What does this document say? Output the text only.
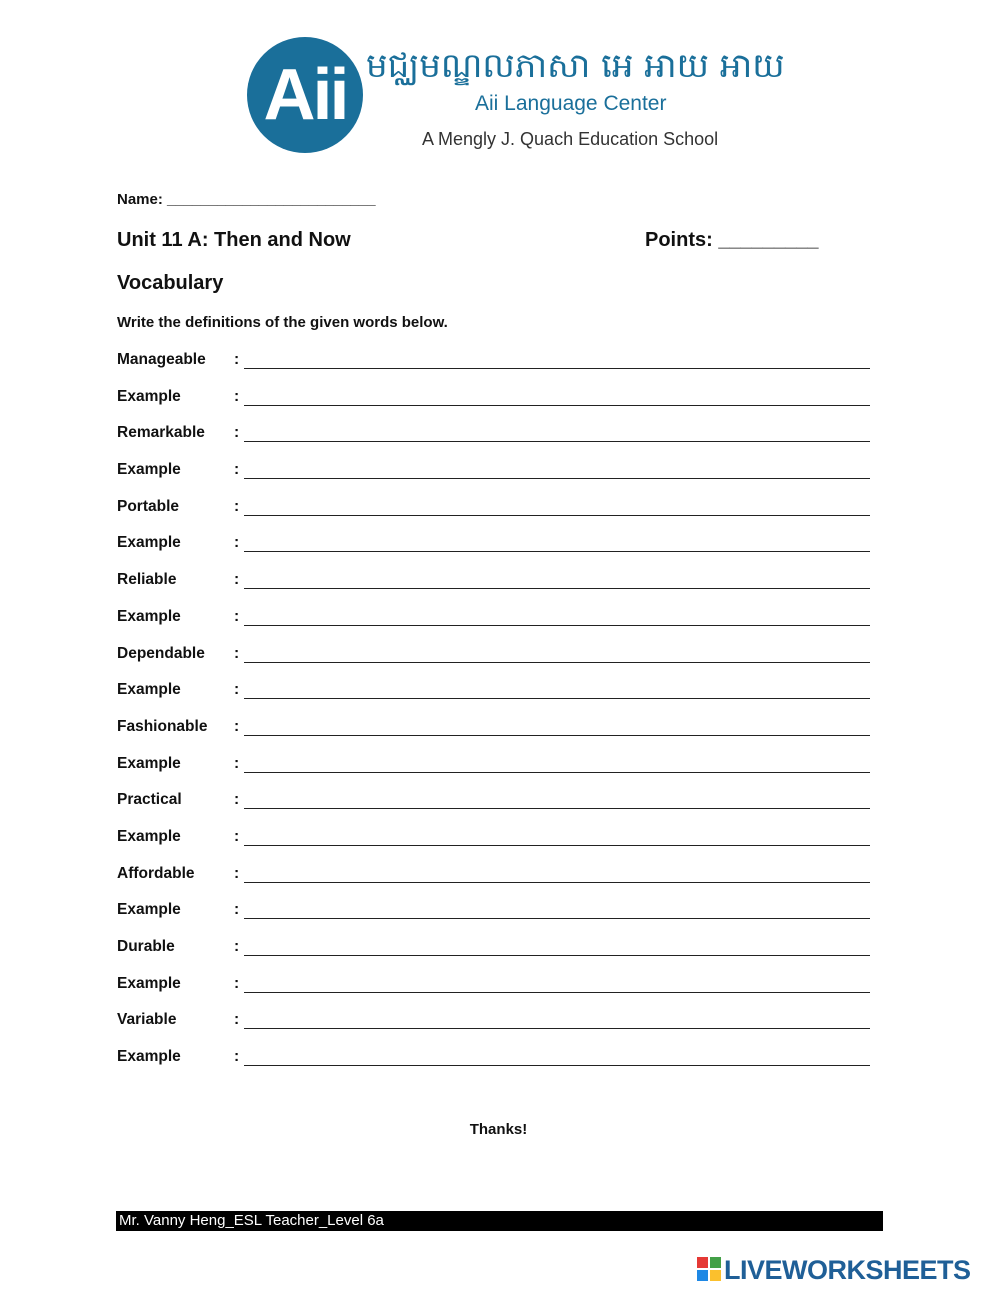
Aii មជ្ឈមណ្ឌលភាសា អេ អាយ អាយ
Aii Language Center
A Mengly J. Quach Education School
Name: _________________________
Unit 11 A: Then and Now	Points: _________
Vocabulary
Write the definitions of the given words below.
Manageable :
Example	:
Remarkable :
Example	:
Portable	:
Example	:
Reliable	:
Example	:
Dependable :
Example	:
Fashionable :
Example	:
Practical	:
Example	:
Affordable	:
Example	:
Durable	:
Example	:
Variable	:
Example	:
Thanks!
Mr. Vanny Heng_ESL Teacher_Level 6a
LIVEWORKSHEETS
